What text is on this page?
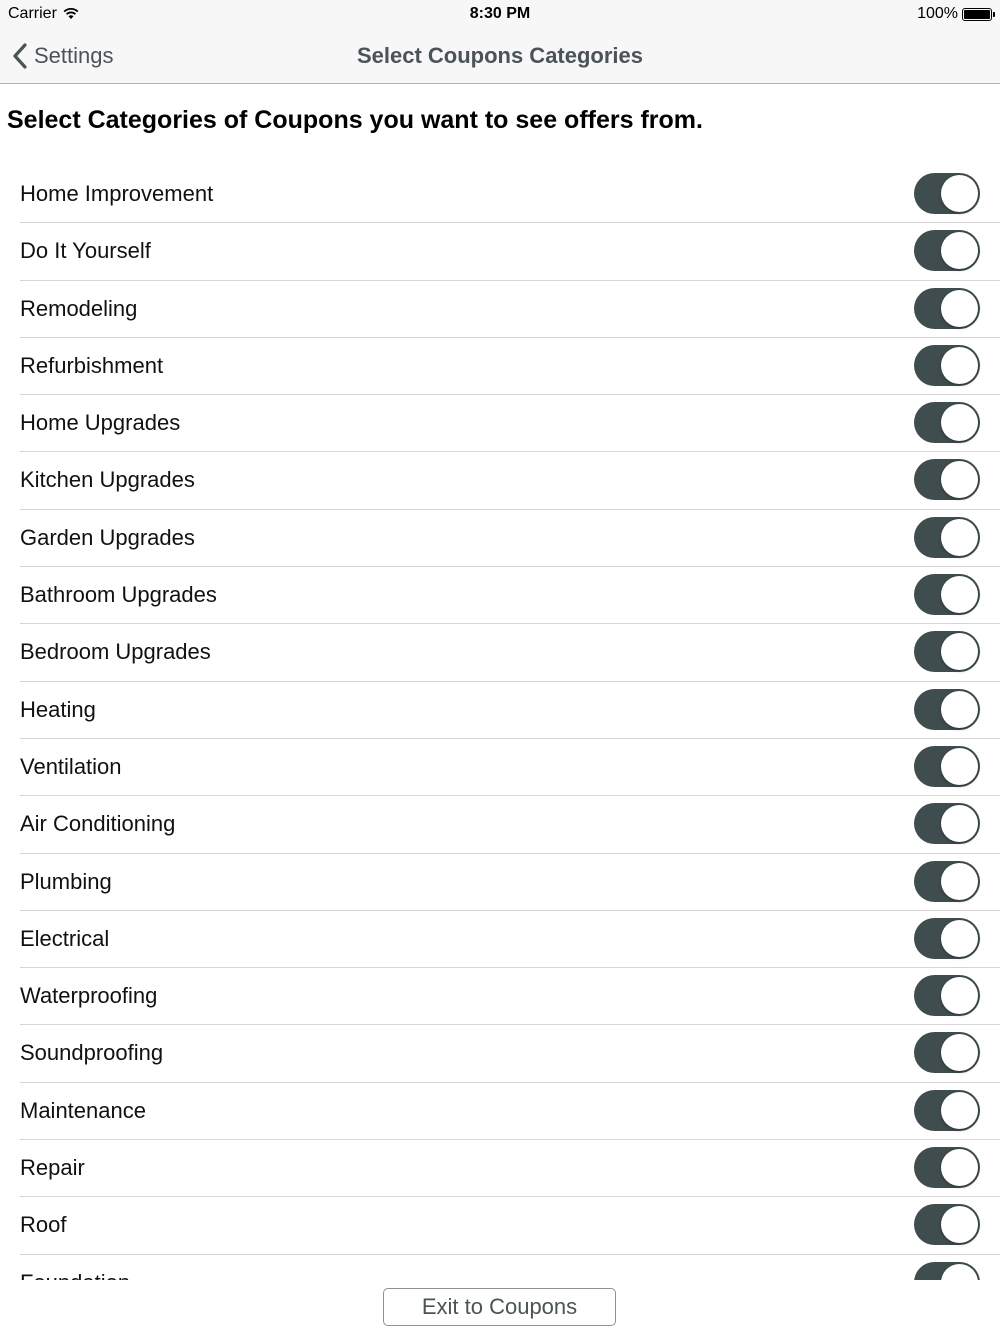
Carrier	8:30 PM	100%
Settings	Select Coupons Categories
Select Categories of Coupons you want to see offers from.
Home Improvement
Do It Yourself
Remodeling
Refurbishment
Home Upgrades
Kitchen Upgrades
Garden Upgrades
Bathroom Upgrades
Bedroom Upgrades
Heating
Ventilation
Air Conditioning
Plumbing
Electrical
Waterproofing
Soundproofing
Maintenance
Repair
Roof
Exit to Coupons
